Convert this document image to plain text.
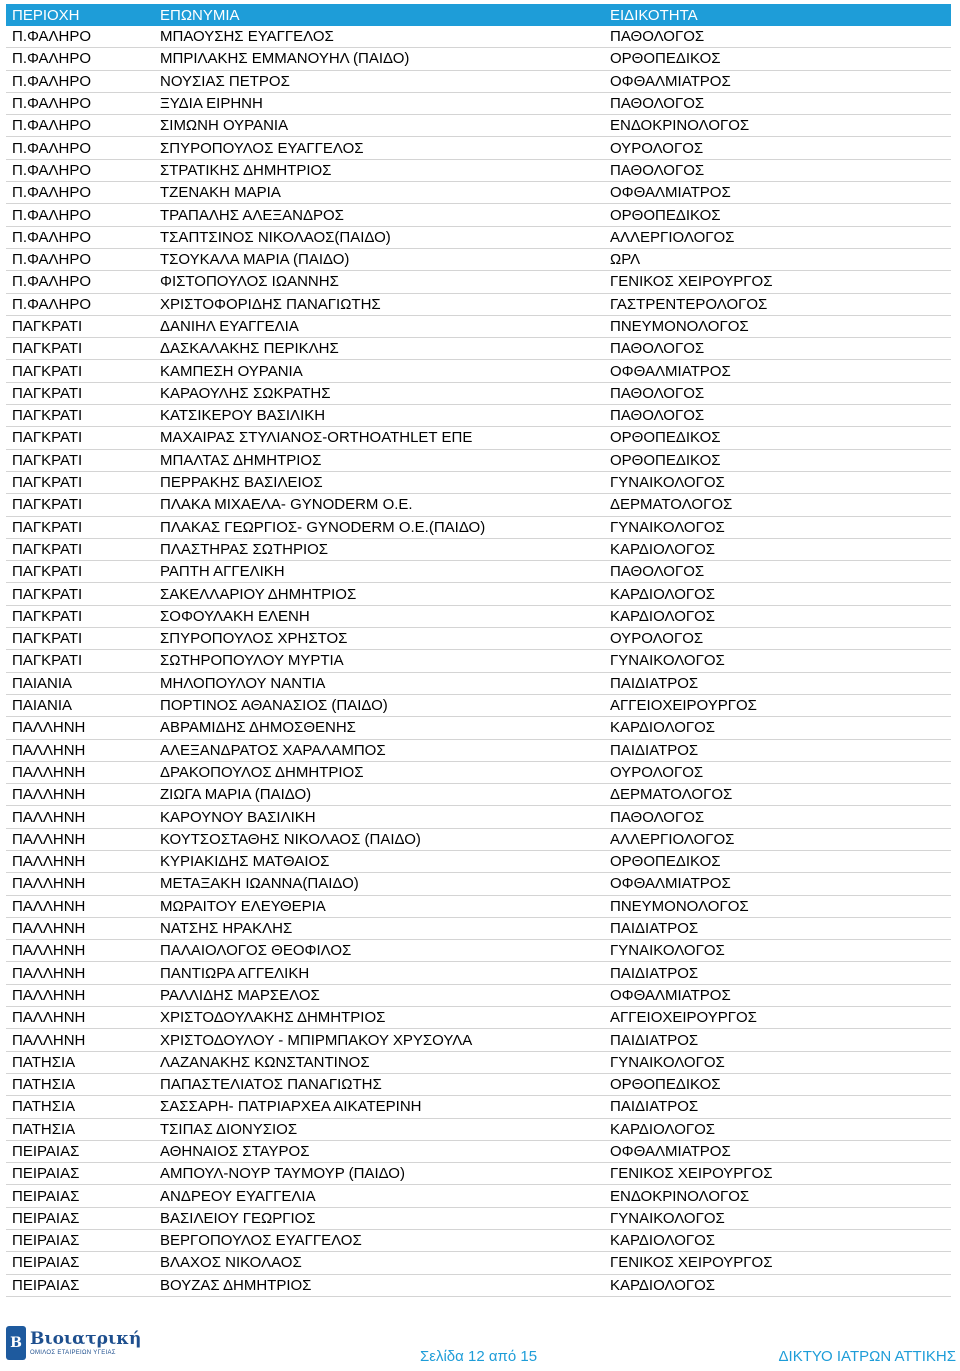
ΠΕΡΙΟΧΗ	ΕΠΩΝΥΜΙΑ	ΕΙΔΙΚΟΤΗΤΑ
Π.ΦΑΛΗΡΟ	ΜΠΑΟΥΣΗΣ ΕΥΑΓΓΕΛΟΣ	ΠΑΘΟΛΟΓΟΣ
Π.ΦΑΛΗΡΟ	ΜΠΡΙΛΑΚΗΣ ΕΜΜΑΝΟΥΗΛ (ΠΑΙΔΟ)	ΟΡΘΟΠΕΔΙΚΟΣ
Π.ΦΑΛΗΡΟ	ΝΟΥΣΙΑΣ ΠΕΤΡΟΣ	ΟΦΘΑΛΜΙΑΤΡΟΣ
Π.ΦΑΛΗΡΟ	ΞΥΔΙΑ ΕΙΡΗΝΗ	ΠΑΘΟΛΟΓΟΣ
Π.ΦΑΛΗΡΟ	ΣΙΜΩΝΗ ΟΥΡΑΝΙΑ	ΕΝΔΟΚΡΙΝΟΛΟΓΟΣ
Π.ΦΑΛΗΡΟ	ΣΠΥΡΟΠΟΥΛΟΣ ΕΥΑΓΓΕΛΟΣ	ΟΥΡΟΛΟΓΟΣ
Π.ΦΑΛΗΡΟ	ΣΤΡΑΤΙΚΗΣ ΔΗΜΗΤΡΙΟΣ	ΠΑΘΟΛΟΓΟΣ
Π.ΦΑΛΗΡΟ	ΤΖΕΝΑΚΗ ΜΑΡΙΑ	ΟΦΘΑΛΜΙΑΤΡΟΣ
Π.ΦΑΛΗΡΟ	ΤΡΑΠΑΛΗΣ ΑΛΕΞΑΝΔΡΟΣ	ΟΡΘΟΠΕΔΙΚΟΣ
Π.ΦΑΛΗΡΟ	ΤΣΑΠΤΣΙΝΟΣ ΝΙΚΟΛΑΟΣ(ΠΑΙΔΟ)	ΑΛΛΕΡΓΙΟΛΟΓΟΣ
Π.ΦΑΛΗΡΟ	ΤΣΟΥΚΑΛΑ ΜΑΡΙΑ (ΠΑΙΔΟ)	ΩΡΛ
Π.ΦΑΛΗΡΟ	ΦΙΣΤΟΠΟΥΛΟΣ ΙΩΑΝΝΗΣ	ΓΕΝΙΚΟΣ ΧΕΙΡΟΥΡΓΟΣ
Π.ΦΑΛΗΡΟ	ΧΡΙΣΤΟΦΟΡΙΔΗΣ ΠΑΝΑΓΙΩΤΗΣ	ΓΑΣΤΡΕΝΤΕΡΟΛΟΓΟΣ
ΠΑΓΚΡΑΤΙ	ΔΑΝΙΗΛ ΕΥΑΓΓΕΛΙΑ	ΠΝΕΥΜΟΝΟΛΟΓΟΣ
ΠΑΓΚΡΑΤΙ	ΔΑΣΚΑΛΑΚΗΣ ΠΕΡΙΚΛΗΣ	ΠΑΘΟΛΟΓΟΣ
ΠΑΓΚΡΑΤΙ	ΚΑΜΠΕΣΗ ΟΥΡΑΝΙΑ	ΟΦΘΑΛΜΙΑΤΡΟΣ
ΠΑΓΚΡΑΤΙ	ΚΑΡΑΟΥΛΗΣ ΣΩΚΡΑΤΗΣ	ΠΑΘΟΛΟΓΟΣ
ΠΑΓΚΡΑΤΙ	ΚΑΤΣΙΚΕΡΟΥ ΒΑΣΙΛΙΚΗ	ΠΑΘΟΛΟΓΟΣ
ΠΑΓΚΡΑΤΙ	ΜΑΧΑΙΡΑΣ ΣΤΥΛΙΑΝΟΣ-ORTHOATHLET ΕΠΕ	ΟΡΘΟΠΕΔΙΚΟΣ
ΠΑΓΚΡΑΤΙ	ΜΠΑΛΤΑΣ ΔΗΜΗΤΡΙΟΣ	ΟΡΘΟΠΕΔΙΚΟΣ
ΠΑΓΚΡΑΤΙ	ΠΕΡΡΑΚΗΣ ΒΑΣΙΛΕΙΟΣ	ΓΥΝΑΙΚΟΛΟΓΟΣ
ΠΑΓΚΡΑΤΙ	ΠΛΑΚΑ ΜΙΧΑΕΛΑ- GYNODERM Ο.Ε.	ΔΕΡΜΑΤΟΛΟΓΟΣ
ΠΑΓΚΡΑΤΙ	ΠΛΑΚΑΣ ΓΕΩΡΓΙΟΣ- GYNODERM Ο.Ε.(ΠΑΙΔΟ)	ΓΥΝΑΙΚΟΛΟΓΟΣ
ΠΑΓΚΡΑΤΙ	ΠΛΑΣΤΗΡΑΣ ΣΩΤΗΡΙΟΣ	ΚΑΡΔΙΟΛΟΓΟΣ
ΠΑΓΚΡΑΤΙ	ΡΑΠΤΗ ΑΓΓΕΛΙΚΗ	ΠΑΘΟΛΟΓΟΣ
ΠΑΓΚΡΑΤΙ	ΣΑΚΕΛΛΑΡΙΟΥ ΔΗΜΗΤΡΙΟΣ	ΚΑΡΔΙΟΛΟΓΟΣ
ΠΑΓΚΡΑΤΙ	ΣΟΦΟΥΛΑΚΗ ΕΛΕΝΗ	ΚΑΡΔΙΟΛΟΓΟΣ
ΠΑΓΚΡΑΤΙ	ΣΠΥΡΟΠΟΥΛΟΣ ΧΡΗΣΤΟΣ	ΟΥΡΟΛΟΓΟΣ
ΠΑΓΚΡΑΤΙ	ΣΩΤΗΡΟΠΟΥΛΟΥ ΜΥΡΤΙΑ	ΓΥΝΑΙΚΟΛΟΓΟΣ
ΠΑΙΑΝΙΑ	ΜΗΛΟΠΟΥΛΟΥ ΝΑΝΤΙΑ	ΠΑΙΔΙΑΤΡΟΣ
ΠΑΙΑΝΙΑ	ΠΟΡΤΙΝΟΣ ΑΘΑΝΑΣΙΟΣ (ΠΑΙΔΟ)	ΑΓΓΕΙΟΧΕΙΡΟΥΡΓΟΣ
ΠΑΛΛΗΝΗ	ΑΒΡΑΜΙΔΗΣ ΔΗΜΟΣΘΕΝΗΣ	ΚΑΡΔΙΟΛΟΓΟΣ
ΠΑΛΛΗΝΗ	ΑΛΕΞΑΝΔΡΑΤΟΣ ΧΑΡΑΛΑΜΠΟΣ	ΠΑΙΔΙΑΤΡΟΣ
ΠΑΛΛΗΝΗ	ΔΡΑΚΟΠΟΥΛΟΣ ΔΗΜΗΤΡΙΟΣ	ΟΥΡΟΛΟΓΟΣ
ΠΑΛΛΗΝΗ	ΖΙΩΓΑ ΜΑΡΙΑ (ΠΑΙΔΟ)	ΔΕΡΜΑΤΟΛΟΓΟΣ
ΠΑΛΛΗΝΗ	ΚΑΡΟΥΝΟΥ ΒΑΣΙΛΙΚΗ	ΠΑΘΟΛΟΓΟΣ
ΠΑΛΛΗΝΗ	ΚΟΥΤΣΟΣΤΑΘΗΣ ΝΙΚΟΛΑΟΣ (ΠΑΙΔΟ)	ΑΛΛΕΡΓΙΟΛΟΓΟΣ
ΠΑΛΛΗΝΗ	ΚΥΡΙΑΚΙΔΗΣ ΜΑΤΘΑΙΟΣ	ΟΡΘΟΠΕΔΙΚΟΣ
ΠΑΛΛΗΝΗ	ΜΕΤΑΞΑΚΗ ΙΩΑΝΝΑ(ΠΑΙΔΟ)	ΟΦΘΑΛΜΙΑΤΡΟΣ
ΠΑΛΛΗΝΗ	ΜΩΡΑΙΤΟΥ ΕΛΕΥΘΕΡΙΑ	ΠΝΕΥΜΟΝΟΛΟΓΟΣ
ΠΑΛΛΗΝΗ	ΝΑΤΣΗΣ ΗΡΑΚΛΗΣ	ΠΑΙΔΙΑΤΡΟΣ
ΠΑΛΛΗΝΗ	ΠΑΛΑΙΟΛΟΓΟΣ ΘΕΟΦΙΛΟΣ	ΓΥΝΑΙΚΟΛΟΓΟΣ
ΠΑΛΛΗΝΗ	ΠΑΝΤΙΩΡΑ ΑΓΓΕΛΙΚΗ	ΠΑΙΔΙΑΤΡΟΣ
ΠΑΛΛΗΝΗ	ΡΑΛΛΙΔΗΣ ΜΑΡΣΕΛΟΣ	ΟΦΘΑΛΜΙΑΤΡΟΣ
ΠΑΛΛΗΝΗ	ΧΡΙΣΤΟΔΟΥΛΑΚΗΣ ΔΗΜΗΤΡΙΟΣ	ΑΓΓΕΙΟΧΕΙΡΟΥΡΓΟΣ
ΠΑΛΛΗΝΗ	ΧΡΙΣΤΟΔΟΥΛΟΥ - ΜΠΙΡΜΠΑΚΟΥ ΧΡΥΣΟΥΛΑ	ΠΑΙΔΙΑΤΡΟΣ
ΠΑΤΗΣΙΑ	ΛΑΖΑΝΑΚΗΣ ΚΩΝΣΤΑΝΤΙΝΟΣ	ΓΥΝΑΙΚΟΛΟΓΟΣ
ΠΑΤΗΣΙΑ	ΠΑΠΑΣΤΕΛΙΑΤΟΣ ΠΑΝΑΓΙΩΤΗΣ	ΟΡΘΟΠΕΔΙΚΟΣ
ΠΑΤΗΣΙΑ	ΣΑΣΣΑΡΗ- ΠΑΤΡΙΑΡΧΕΑ ΑΙΚΑΤΕΡΙΝΗ	ΠΑΙΔΙΑΤΡΟΣ
ΠΑΤΗΣΙΑ	ΤΣΙΠΑΣ ΔΙΟΝΥΣΙΟΣ	ΚΑΡΔΙΟΛΟΓΟΣ
ΠΕΙΡΑΙΑΣ	ΑΘΗΝΑΙΟΣ ΣΤΑΥΡΟΣ	ΟΦΘΑΛΜΙΑΤΡΟΣ
ΠΕΙΡΑΙΑΣ	ΑΜΠΟΥΛ-ΝΟΥΡ ΤΑΥΜΟΥΡ (ΠΑΙΔΟ)	ΓΕΝΙΚΟΣ ΧΕΙΡΟΥΡΓΟΣ
ΠΕΙΡΑΙΑΣ	ΑΝΔΡΕΟΥ ΕΥΑΓΓΕΛΙΑ	ΕΝΔΟΚΡΙΝΟΛΟΓΟΣ
ΠΕΙΡΑΙΑΣ	ΒΑΣΙΛΕΙΟΥ ΓΕΩΡΓΙΟΣ	ΓΥΝΑΙΚΟΛΟΓΟΣ
ΠΕΙΡΑΙΑΣ	ΒΕΡΓΟΠΟΥΛΟΣ ΕΥΑΓΓΕΛΟΣ	ΚΑΡΔΙΟΛΟΓΟΣ
ΠΕΙΡΑΙΑΣ	ΒΛΑΧΟΣ ΝΙΚΟΛΑΟΣ	ΓΕΝΙΚΟΣ ΧΕΙΡΟΥΡΓΟΣ
ΠΕΙΡΑΙΑΣ	ΒΟΥΖΑΣ ΔΗΜΗΤΡΙΟΣ	ΚΑΡΔΙΟΛΟΓΟΣ
Β Βιοιατρική
ΟΜΙΛΟΣ ΕΤΑΙΡΕΙΩΝ ΥΓΕΙΑΣ	Σελίδα 12 από 15	ΔΙΚΤΥΟ ΙΑΤΡΩΝ ΑΤΤΙΚΗΣ
